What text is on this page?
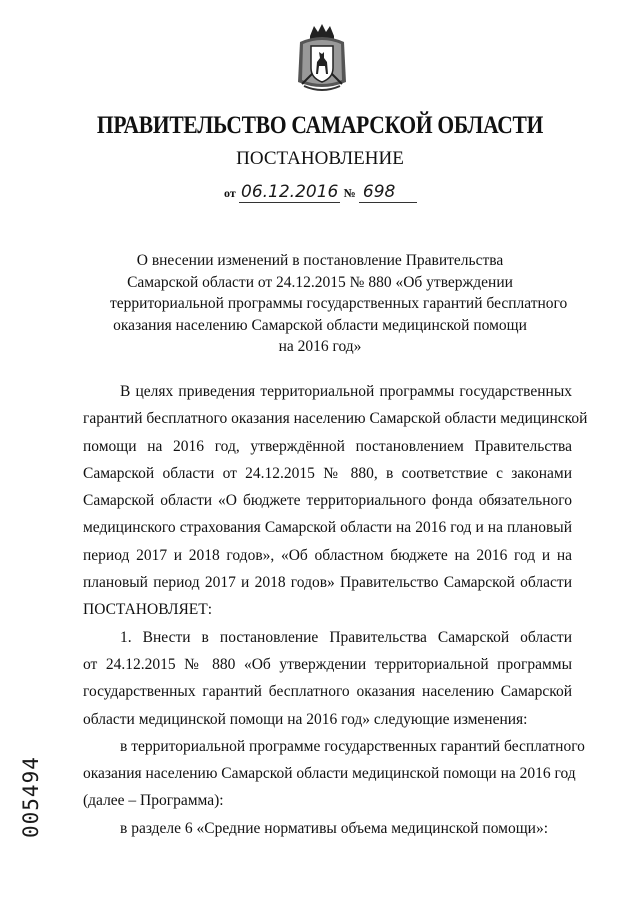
ПРАВИТЕЛЬСТВО САМАРСКОЙ ОБЛАСТИ
ПОСТАНОВЛЕНИЕ
от 06.12.2016 № 698
О внесении изменений в постановление Правительства
Самарской области от 24.12.2015 № 880 «Об утверждении
территориальной программы государственных гарантий бесплатного
оказания населению Самарской области медицинской помощи
на 2016 год»
В целях приведения территориальной программы государственных
гарантий бесплатного оказания населению Самарской области медицинской
помощи на 2016 год, утверждённой постановлением Правительства
Самарской области от 24.12.2015 № 880, в соответствие с законами
Самарской области «О бюджете территориального фонда обязательного
медицинского страхования Самарской области на 2016 год и на плановый
период 2017 и 2018 годов», «Об областном бюджете на 2016 год и на
плановый период 2017 и 2018 годов» Правительство Самарской области
ПОСТАНОВЛЯЕТ:
1. Внести в постановление Правительства Самарской области
от 24.12.2015 № 880 «Об утверждении территориальной программы
государственных гарантий бесплатного оказания населению Самарской
области медицинской помощи на 2016 год» следующие изменения:
в территориальной программе государственных гарантий бесплатного
оказания населению Самарской области медицинской помощи на 2016 год
(далее – Программа):
в разделе 6 «Средние нормативы объема медицинской помощи»:
005494
